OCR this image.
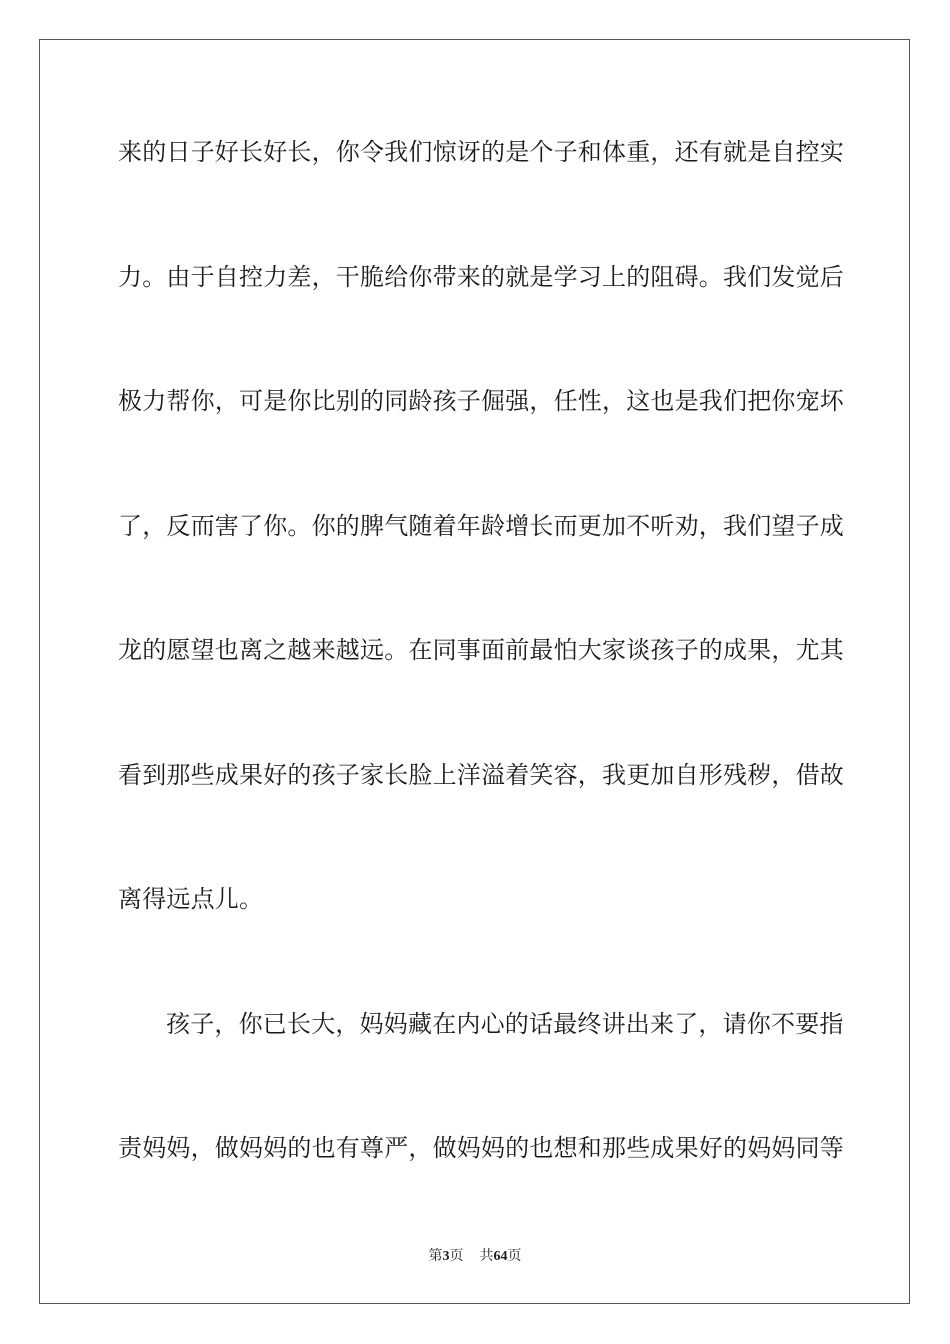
来的日子好长好长，你令我们惊讶的是个子和体重，还有就是自控实

力。由于自控力差，干脆给你带来的就是学习上的阻碍。我们发觉后

极力帮你，可是你比别的同龄孩子倔强，任性，这也是我们把你宠坏

了，反而害了你。你的脾气随着年龄增长而更加不听劝，我们望子成

龙的愿望也离之越来越远。在同事面前最怕大家谈孩子的成果，尤其

看到那些成果好的孩子家长脸上洋溢着笑容，我更加自形残秽，借故

离得远点儿。

孩子，你已长大，妈妈藏在内心的话最终讲出来了，请你不要指

责妈妈，做妈妈的也有尊严，做妈妈的也想和那些成果好的妈妈同等

第3页 共64页
